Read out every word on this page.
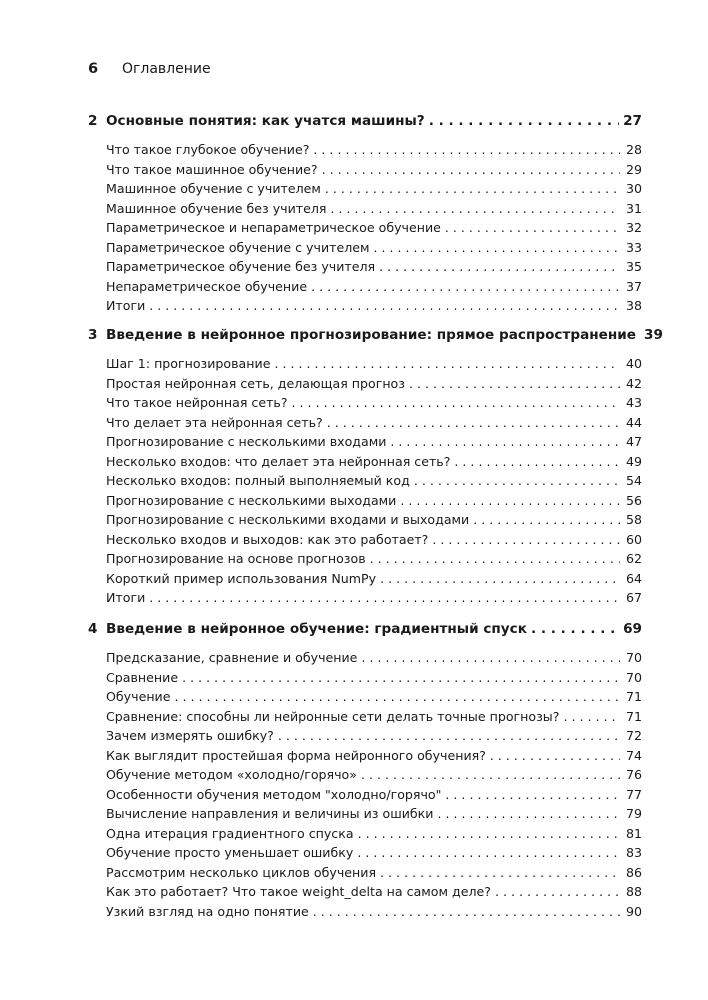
6	Оглавление
2 Основные понятия: как учатся машины? . . .	27
Что такое глубокое обучение? . . .	28
Что такое машинное обучение? . . .	29
Машинное обучение с учителем . . .	30
Машинное обучение без учителя . . .	31
Параметрическое и непараметрическое обучение . . .	32
Параметрическое обучение с учителем . . .	33
Параметрическое обучение без учителя . . .	35
Непараметрическое обучение . . .	37
Итоги . . .	38
3 Введение в нейронное прогнозирование: прямое распространение 39
Шаг 1: прогнозирование . . .	40
Простая нейронная сеть, делающая прогноз . . .	42
Что такое нейронная сеть? . . .	43
Что делает эта нейронная сеть? . . .	44
Прогнозирование с несколькими входами . . .	47
Несколько входов: что делает эта нейронная сеть? . . .	49
Несколько входов: полный выполняемый код . . .	54
Прогнозирование с несколькими выходами . . .	56
Прогнозирование с несколькими входами и выходами . . .	58
Несколько входов и выходов: как это работает? . . .	60
Прогнозирование на основе прогнозов . . .	62
Короткий пример использования NumPy . . .	64
Итоги . . .	67
4 Введение в нейронное обучение: градиентный спуск . . .	69
Предсказание, сравнение и обучение . . .	70
Сравнение . . .	70
Обучение . . .	71
Сравнение: способны ли нейронные сети делать точные прогнозы? . . .	71
Зачем измерять ошибку? . . .	72
Как выглядит простейшая форма нейронного обучения? . . .	74
Обучение методом «холодно/горячо» . . .	76
Особенности обучения методом "холодно/горячо" . . .	77
Вычисление направления и величины из ошибки . . .	79
Одна итерация градиентного спуска . . .	81
Обучение просто уменьшает ошибку . . .	83
Рассмотрим несколько циклов обучения . . .	86
Как это работает? Что такое weight_delta на самом деле? . . .	88
Узкий взгляд на одно понятие . . .	90
